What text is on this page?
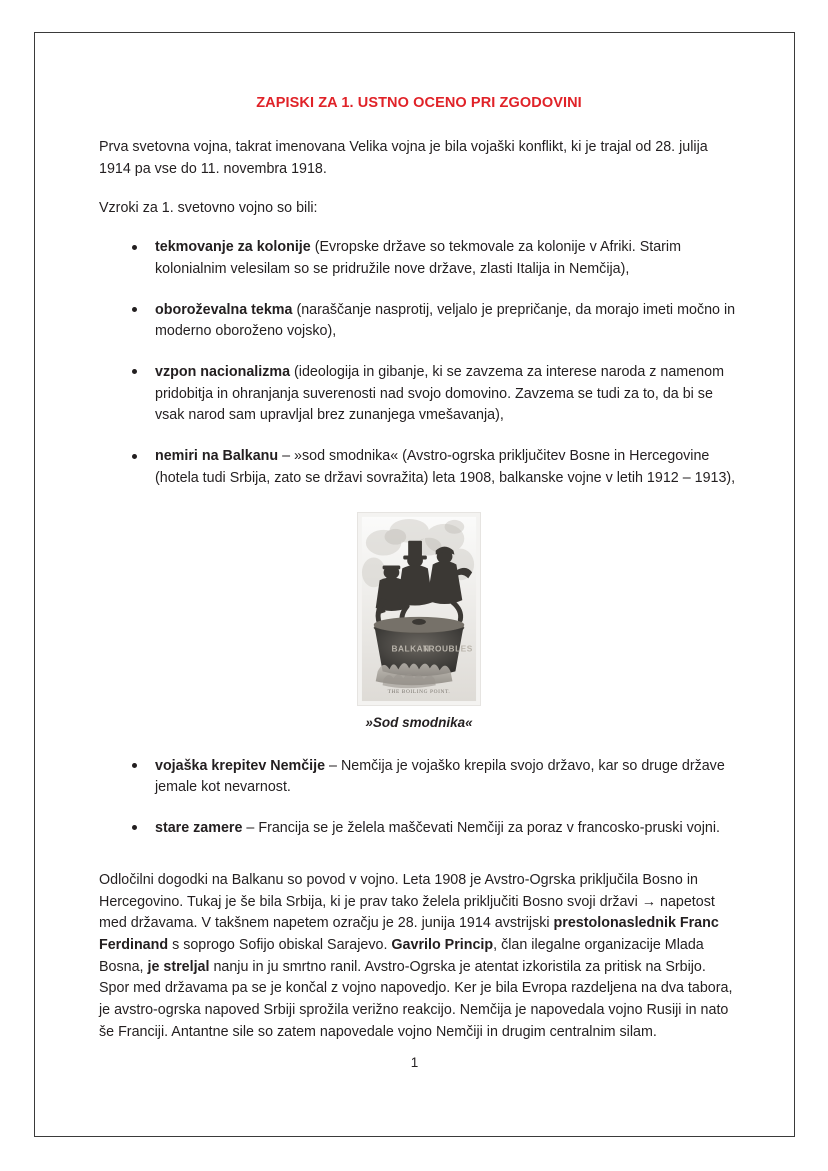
ZAPISKI ZA 1. USTNO OCENO PRI ZGODOVINI

Prva svetovna vojna, takrat imenovana Velika vojna je bila vojaški konflikt, ki je trajal od 28. julija 1914 pa vse do 11. novembra 1918.

Vzroki za 1. svetovno vojno so bili:

tekmovanje za kolonije (Evropske države so tekmovale za kolonije v Afriki. Starim kolonialnim velesilam so se pridružile nove države, zlasti Italija in Nemčija),
oboroževalna tekma (naraščanje nasprotij, veljalo je prepričanje, da morajo imeti močno in moderno oboroženo vojsko),
vzpon nacionalizma (ideologija in gibanje, ki se zavzema za interese naroda z namenom pridobitja in ohranjanja suverenosti nad svojo domovino. Zavzema se tudi za to, da bi se vsak narod sam upravljal brez zunanjega vmešavanja),
nemiri na Balkanu – »sod smodnika« (Avstro-ogrska priključitev Bosne in Hercegovine (hotela tudi Srbija, zato se državi sovražita) leta 1908, balkanske vojne v letih 1912 – 1913),
BALKAN
TROUBLES
THE BOILING POINT.
»Sod smodnika«
vojaška krepitev Nemčije – Nemčija je vojaško krepila svojo državo, kar so druge države jemale kot nevarnost.
stare zamere – Francija se je želela maščevati Nemčiji za poraz v francosko-pruski vojni.

Odločilni dogodki na Balkanu so povod v vojno. Leta 1908 je Avstro-Ogrska priključila Bosno in Hercegovino. Tukaj je še bila Srbija, ki je prav tako želela priključiti Bosno svoji državi → napetost med državama. V takšnem napetem ozračju je 28. junija 1914 avstrijski prestolonaslednik Franc Ferdinand s soprogo Sofijo obiskal Sarajevo. Gavrilo Princip, član ilegalne organizacije Mlada Bosna, je streljal nanju in ju smrtno ranil. Avstro-Ogrska je atentat izkoristila za pritisk na Srbijo. Spor med državama pa se je končal z vojno napovedjo. Ker je bila Evropa razdeljena na dva tabora, je avstro-ogrska napoved Srbiji sprožila verižno reakcijo. Nemčija je napovedala vojno Rusiji in nato še Franciji. Antantne sile so zatem napovedale vojno Nemčiji in drugim centralnim silam.

1
